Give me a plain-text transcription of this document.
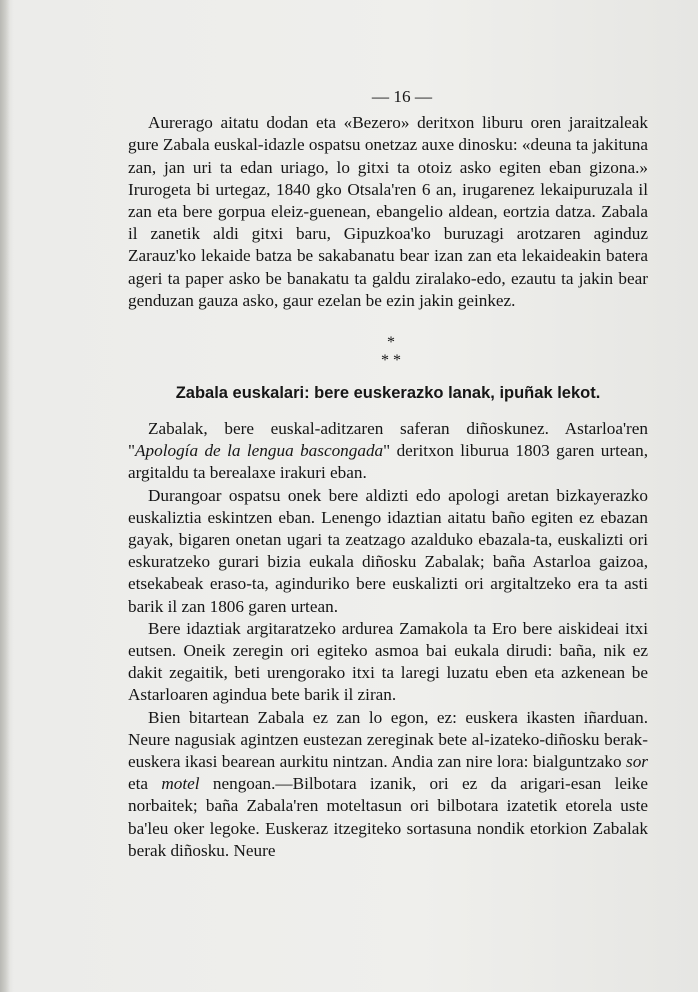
— 16 —

Aurerago aitatu dodan eta «Bezero» deritxon liburu oren jaraitzaleak gure Zabala euskal-idazle ospatsu onetzaz auxe dinosku: «deuna ta jakituna zan, jan uri ta edan uriago, lo gitxi ta otoiz asko egiten eban gizona.» Irurogeta bi urtegaz, 1840 gko Otsala'ren 6 an, irugarenez lekaipuruzala il zan eta bere gorpua eleiz-guenean, ebangelio aldean, eortzia datza. Zabala il zanetik aldi gitxi baru, Gipuzkoa'ko buruzagi arotzaren aginduz Zarauz'ko lekaide batza be sakabanatu bear izan zan eta lekaideakin batera ageri ta paper asko be banakatu ta galdu ziralako-edo, ezautu ta jakin bear genduzan gauza asko, gaur ezelan be ezin jakin geinkez.

*
* *
Zabala euskalari: bere euskerazko lanak, ipuñak lekot.

Zabalak, bere euskal-aditzaren saferan diñoskunez. Astarloa'ren "Apología de la lengua bascongada" deritxon liburua 1803 garen urtean, argitaldu ta berealaxe irakuri eban.

Durangoar ospatsu onek bere aldizti edo apologi aretan bizkayerazko euskaliztia eskintzen eban. Lenengo idaztian aitatu baño egiten ez ebazan gayak, bigaren onetan ugari ta zeatzago azalduko ebazala-ta, euskalizti ori eskuratzeko gurari bizia eukala diñosku Zabalak; baña Astarloa gaizoa, etsekabeak eraso-ta, aginduriko bere euskalizti ori argitaltzeko era ta asti barik il zan 1806 garen urtean.

Bere idaztiak argitaratzeko ardurea Zamakola ta Ero bere aiskideai itxi eutsen. Oneik zeregin ori egiteko asmoa bai eukala dirudi: baña, nik ez dakit zegaitik, beti urengorako itxi ta laregi luzatu eben eta azkenean be Astarloaren agindua bete barik il ziran.

Bien bitartean Zabala ez zan lo egon, ez: euskera ikasten iñarduan. Neure nagusiak agintzen eustezan zereginak bete al-izateko-diñosku berak-euskera ikasi bearean aurkitu nintzan. Andia zan nire lora: bialguntzako sor eta motel nengoan.—Bilbotara izanik, ori ez da arigari-esan leike norbaitek; baña Zabala'ren moteltasun ori bilbotara izatetik etorela uste ba'leu oker legoke. Euskeraz itzegiteko sortasuna nondik etorkion Zabalak berak diñosku. Neure
